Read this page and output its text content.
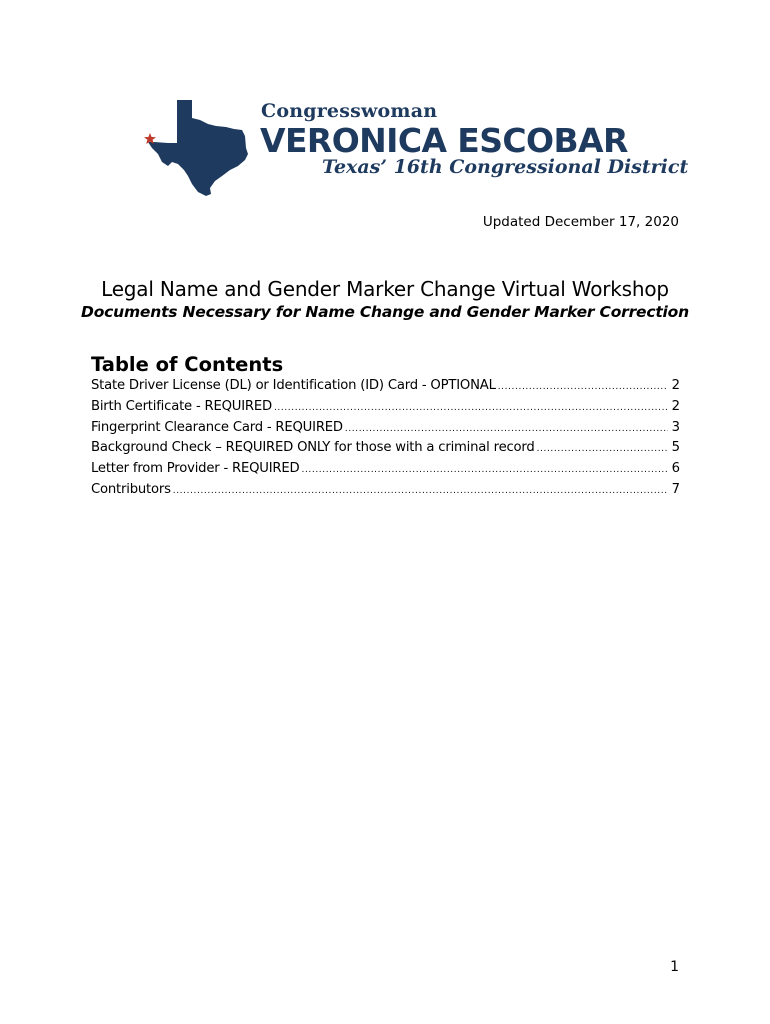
Congresswoman
VERONICA ESCOBAR
Texas’ 16th Congressional District
Updated December 17, 2020
Legal Name and Gender Marker Change Virtual Workshop
Documents Necessary for Name Change and Gender Marker Correction
Table of Contents
State Driver License (DL) or Identification (ID) Card - OPTIONAL .....	2
Birth Certificate - REQUIRED .....	2
Fingerprint Clearance Card - REQUIRED .....	3
Background Check – REQUIRED ONLY for those with a criminal record .....	5
Letter from Provider - REQUIRED .....	6
Contributors .....	7
1
